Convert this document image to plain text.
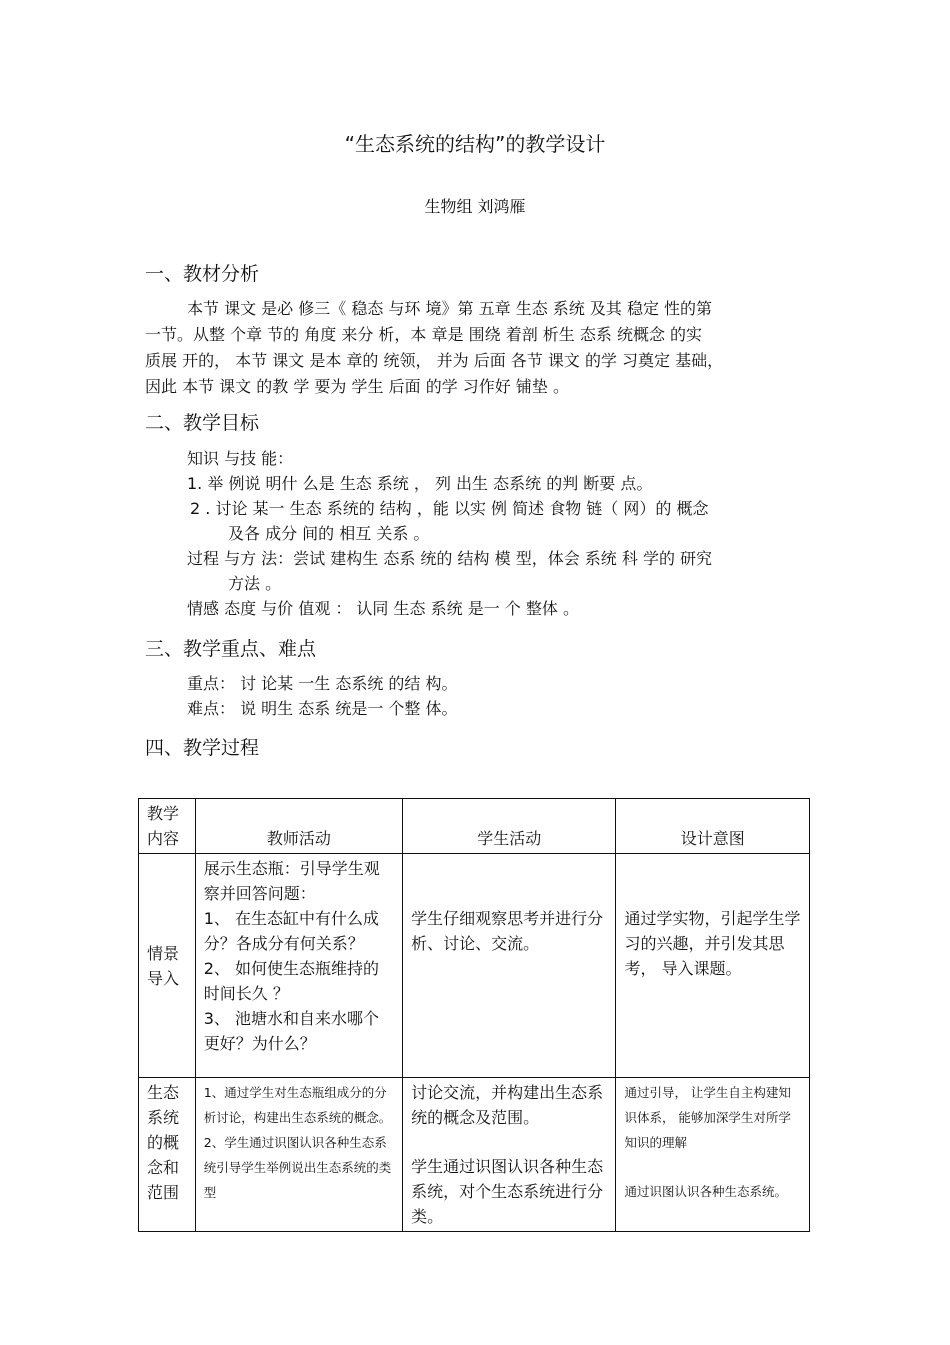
“生态系统的结构”的教学设计
生物组 刘鸿雁
一、教材分析
本节 课文 是必 修三《 稳态 与环 境》第 五章 生态 系统 及其 稳定 性的第
一节。从整 个章 节的 角度 来分 析，本 章是 围绕 着剖 析生 态系 统概念 的实
质展 开的， 本节 课文 是本 章的 统领， 并为 后面 各节 课文 的学 习奠定 基础，
因此 本节 课文 的教 学 要为 学生 后面 的学 习作好 铺垫 。
二、教学目标
知识 与技 能：
1. 举 例说 明什 么是 生态 系统 ， 列 出生 态系统 的判 断要 点。
2 . 讨论 某一 生态 系统的 结构 ，能 以实 例 简述 食物 链（ 网）的 概念
及各 成分 间的 相互 关系 。
过程 与方 法：尝试 建构生 态系 统的 结构 模 型，体会 系统 科 学的 研究
方法 。
情感 态度 与价 值观 ： 认同 生态 系统 是一 个 整体 。
三、教学重点、难点
重点： 讨 论某 一生 态系统 的结 构。
难点： 说 明生 态系 统是一 个整 体。
四、教学过程
教学内容	教师活动	学生活动	设计意图
情景导入	展示生态瓶：引导学生观察并回答问题：
1、 在生态缸中有什么成 分？各成分有何关系？
2、 如何使生态瓶维持的时间长久 ？
3、 池塘水和自来水哪个更好？为什么？	学生仔细观察思考并进行分析、讨论、交流。	通过学实物，引起学生学习的兴趣，并引发其思考， 导入课题。
生态系统的概念和范围	1、通过学生对生态瓶组成分的分析讨论，构建出生态系统的概念。
2、学生通过识图认识各种生态系统引导学生举例说出生态系统的类型	讨论交流，并构建出生态系统的概念及范围。
学生通过识图认识各种生态系统，对个生态系统进行分类。	通过引导， 让学生自主构建知识体系， 能够加深学生对所学知识的理解
通过识图认识各种生态系统。
